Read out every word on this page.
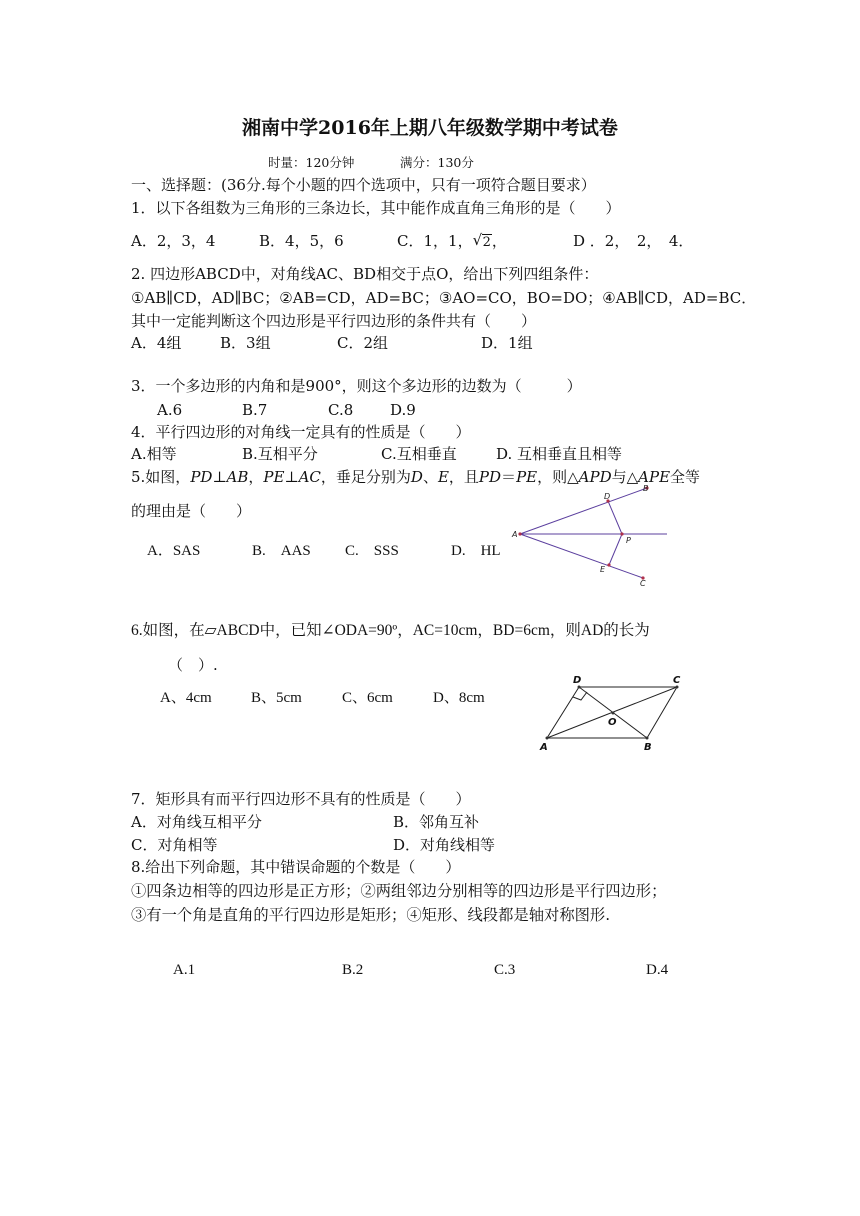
湘南中学2016年上期八年级数学期中考试卷
时量：120分钟	满分：130分
一、选择题：(36分.每个小题的四个选项中，只有一项符合题目要求）
1．以下各组数为三角形的三条边长，其中能作成直角三角形的是（　　）
A．2，3，4	B．4，5，6	C．1，1，√ 2，	D ．2，　2，　4．
2. 四边形ABCD中，对角线AC、BD相交于点O，给出下列四组条件：
①AB∥CD，AD∥BC；②AB=CD，AD=BC；③AO=CO，BO=DO；④AB∥CD，AD=BC．
其中一定能判断这个四边形是平行四边形的条件共有（　　）
A．4组	B．3组	C．2组	D．1组
3．一个多边形的内角和是900°，则这个多边形的边数为（　　　）
A.6	B.7	C.8 D.9
4．平行四边形的对角线一定具有的性质是（　　）
A.相等	B.互相平分	C.互相垂直	D. 互相垂直且相等
5.如图，PD⊥AB，PE⊥AC，垂足分别为D、E，且PD＝PE，则△APD与△APE全等
的理由是（　　）
A．SAS	B.　AAS C.　SSS	D.　HL
A
B
C
D
E
P
6.如图，在▱ABCD中，已知∠ODA=90º，AC=10cm，BD=6cm，则AD的长为
（　）.
A、4cm	B、5cm	C、6cm	D、8cm
D	C
B
A
O
7．矩形具有而平行四边形不具有的性质是（　　）
A．对角线互相平分	B．邻角互补
C．对角相等	D．对角线相等
8.给出下列命题，其中错误命题的个数是（　　）
①四条边相等的四边形是正方形；②两组邻边分别相等的四边形是平行四边形；
③有一个角是直角的平行四边形是矩形；④矩形、线段都是轴对称图形.
A.1	B.2	C.3	D.4
